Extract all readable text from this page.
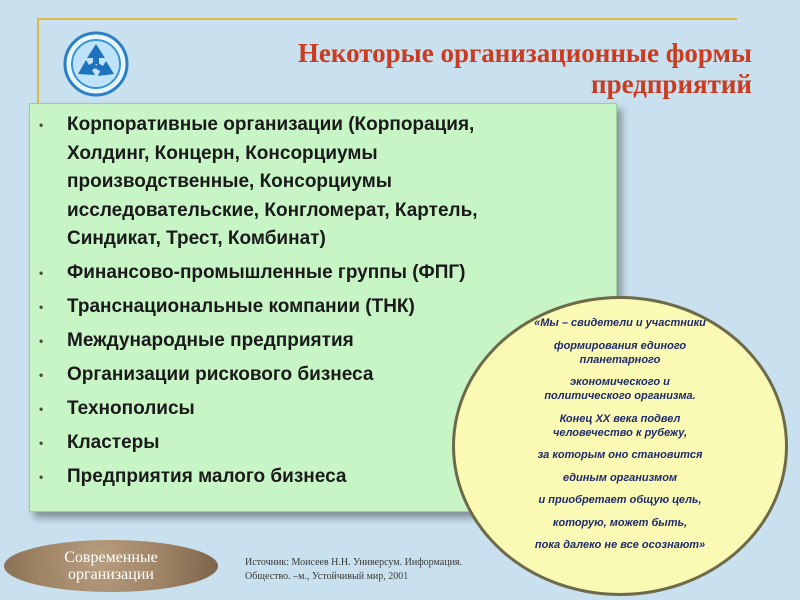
Некоторые организационные формы
предприятий
• Корпоративные организации (Корпорация,
Холдинг, Концерн, Консорциумы
производственные, Консорциумы
исследовательские, Конгломерат, Картель,
Синдикат, Трест, Комбинат)
• Финансово-промышленные группы (ФПГ)
• Транснациональные компании (ТНК)
• Международные предприятия
• Организации рискового бизнеса
• Технополисы
• Кластеры
• Предприятия малого бизнеса
«Мы – свидетели и участники
формирования единого
планетарного
экономического и
политического организма.
Конец XX века подвел
человечество к рубежу,
за которым оно становится
единым организмом
и приобретает общую цель,
которую, может быть,
пока далеко не все осознают»
Современные
организации
Источник: Моисеев Н.Н. Универсум. Информация.
Общество. –м., Устойчивый мир, 2001
